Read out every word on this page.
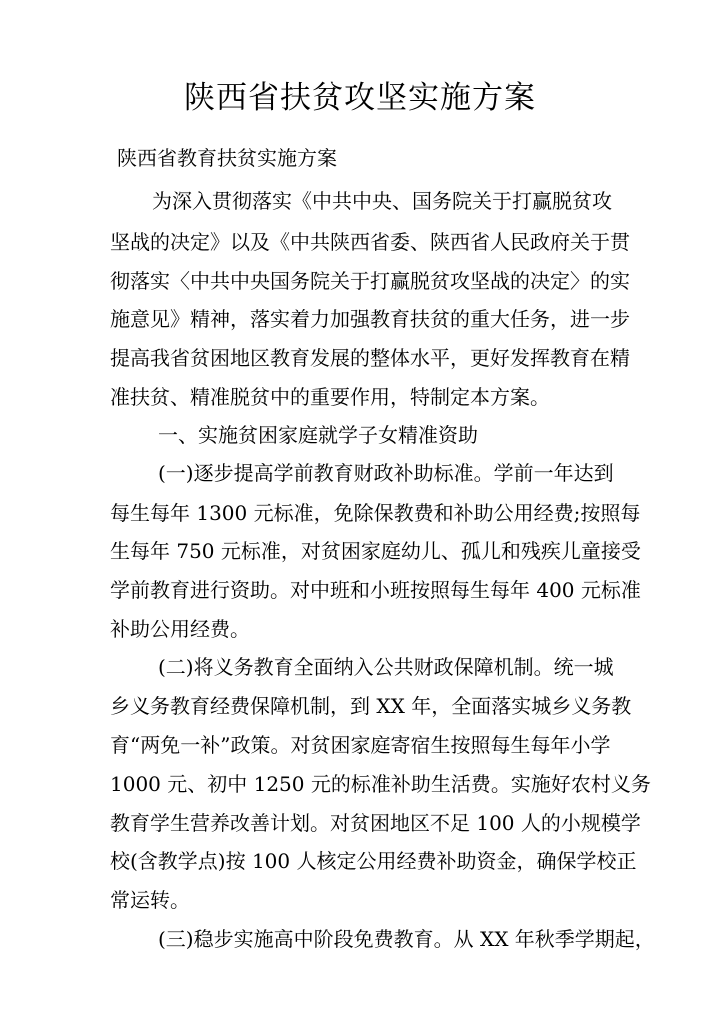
陕西省扶贫攻坚实施方案
陕西省教育扶贫实施方案
为深入贯彻落实《中共中央、国务院关于打赢脱贫攻
坚战的决定》以及《中共陕西省委、陕西省人民政府关于贯
彻落实〈中共中央国务院关于打赢脱贫攻坚战的决定〉的实
施意见》精神，落实着力加强教育扶贫的重大任务，进一步
提高我省贫困地区教育发展的整体水平，更好发挥教育在精
准扶贫、精准脱贫中的重要作用，特制定本方案。
一、实施贫困家庭就学子女精准资助
(一)逐步提高学前教育财政补助标准。学前一年达到
每生每年 1300 元标准，免除保教费和补助公用经费;按照每
生每年 750 元标准，对贫困家庭幼儿、孤儿和残疾儿童接受
学前教育进行资助。对中班和小班按照每生每年 400 元标准
补助公用经费。
(二)将义务教育全面纳入公共财政保障机制。统一城
乡义务教育经费保障机制，到 XX 年，全面落实城乡义务教
育“两免一补”政策。对贫困家庭寄宿生按照每生每年小学
1000 元、初中 1250 元的标准补助生活费。实施好农村义务
教育学生营养改善计划。对贫困地区不足 100 人的小规模学
校(含教学点)按 100 人核定公用经费补助资金，确保学校正
常运转。
(三)稳步实施高中阶段免费教育。从 XX 年秋季学期起，
